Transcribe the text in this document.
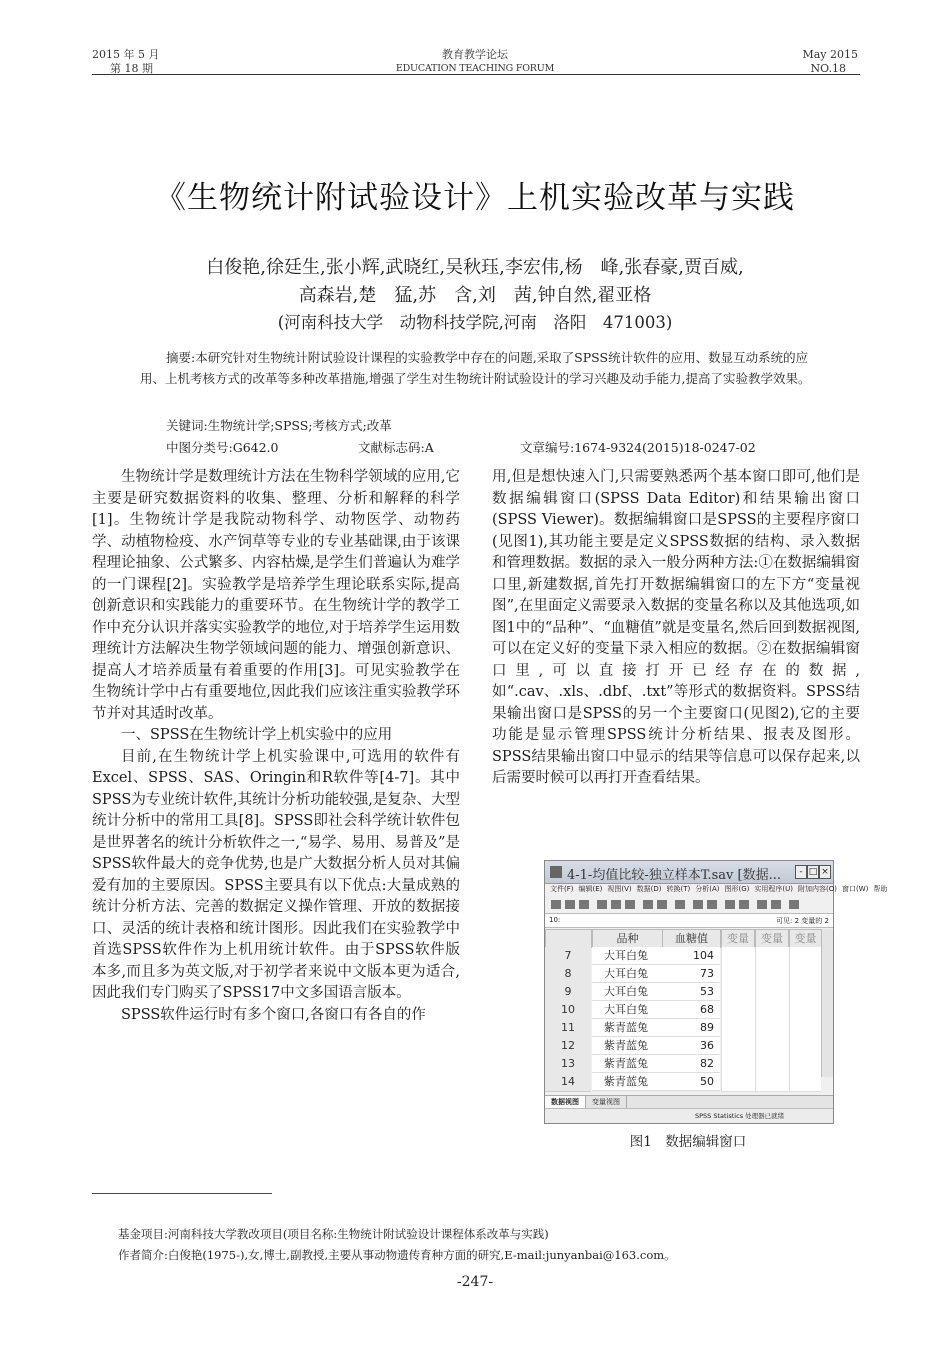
2015 年 5 月
第 18 期
教育教学论坛
EDUCATION TEACHING FORUM
May 2015
NO.18
《生物统计附试验设计》上机实验改革与实践
白俊艳,徐廷生,张小辉,武晓红,吴秋珏,李宏伟,杨　峰,张春豪,贾百威,
高森岩,楚　猛,苏　含,刘　茜,钟自然,翟亚格
(河南科技大学　动物科技学院,河南　洛阳　471003)
摘要:本研究针对生物统计附试验设计课程的实验教学中存在的问题,采取了SPSS统计软件的应用、数显互动系统的应用、上机考核方式的改革等多种改革措施,增强了学生对生物统计附试验设计的学习兴趣及动手能力,提高了实验教学效果。
关键词:生物统计学;SPSS;考核方式;改革
中图分类号:G642.0	文献标志码:A	文章编号:1674-9324(2015)18-0247-02

生物统计学是数理统计方法在生物科学领域的应用,它主要是研究数据资料的收集、整理、分析和解释的科学[1]。生物统计学是我院动物科学、动物医学、动物药学、动植物检疫、水产饲草等专业的专业基础课,由于该课程理论抽象、公式繁多、内容枯燥,是学生们普遍认为难学的一门课程[2]。实验教学是培养学生理论联系实际,提高创新意识和实践能力的重要环节。在生物统计学的教学工作中充分认识并落实实验教学的地位,对于培养学生运用数理统计方法解决生物学领域问题的能力、增强创新意识、提高人才培养质量有着重要的作用[3]。可见实验教学在生物统计学中占有重要地位,因此我们应该注重实验教学环节并对其适时改革。

一、SPSS在生物统计学上机实验中的应用

目前,在生物统计学上机实验课中,可选用的软件有Excel、SPSS、SAS、Oringin和R软件等[4-7]。其中SPSS为专业统计软件,其统计分析功能较强,是复杂、大型统计分析中的常用工具[8]。SPSS即社会科学统计软件包是世界著名的统计分析软件之一,“易学、易用、易普及”是SPSS软件最大的竞争优势,也是广大数据分析人员对其偏爱有加的主要原因。SPSS主要具有以下优点:大量成熟的统计分析方法、完善的数据定义操作管理、开放的数据接口、灵活的统计表格和统计图形。因此我们在实验教学中首选SPSS软件作为上机用统计软件。由于SPSS软件版本多,而且多为英文版,对于初学者来说中文版本更为适合,因此我们专门购买了SPSS17中文多国语言版本。

SPSS软件运行时有多个窗口,各窗口有各自的作

用,但是想快速入门,只需要熟悉两个基本窗口即可,他们是数据编辑窗口(SPSS Data Editor)和结果输出窗口(SPSS Viewer)。数据编辑窗口是SPSS的主要程序窗口(见图1),其功能主要是定义SPSS数据的结构、录入数据和管理数据。数据的录入一般分两种方法:①在数据编辑窗口里,新建数据,首先打开数据编辑窗口的左下方“变量视图”,在里面定义需要录入数据的变量名称以及其他选项,如图1中的“品种”、“血糖值”就是变量名,然后回到数据视图,可以在定义好的变量下录入相应的数据。②在数据编辑窗口里,可以直接打开已经存在的数据,如“.cav、.xls、.dbf、.txt”等形式的数据资料。SPSS结果输出窗口是SPSS的另一个主要窗口(见图2),它的主要功能是显示管理SPSS统计分析结果、报表及图形。SPSS结果输出窗口中显示的结果等信息可以保存起来,以后需要时候可以再打开查看结果。

4-1-均值比较-独立样本T.sav [数据...	- □ ×
文件(F) 编辑(E) 视图(V) 数据(D) 转换(T) 分析(A) 图形(G) 实用程序(U) 附加内容(O) 窗口(W) 帮助
10:	可见: 2 变量的 2
品种	血糖值	变量	变量	变量
7	大耳白兔	104
8	大耳白兔	73
9	大耳白兔	53
10	大耳白兔	68
11	紫青蓝兔	89
12	紫青蓝兔	36
13	紫青蓝兔	82
14	紫青蓝兔	50
数据视图 变量视图
SPSS Statistics 处理器已就绪
图1　数据编辑窗口
基金项目:河南科技大学教改项目(项目名称:生物统计附试验设计课程体系改革与实践)
作者简介:白俊艳(1975-),女,博士,副教授,主要从事动物遗传育种方面的研究,E-mail:junyanbai@163.com。
-247-
